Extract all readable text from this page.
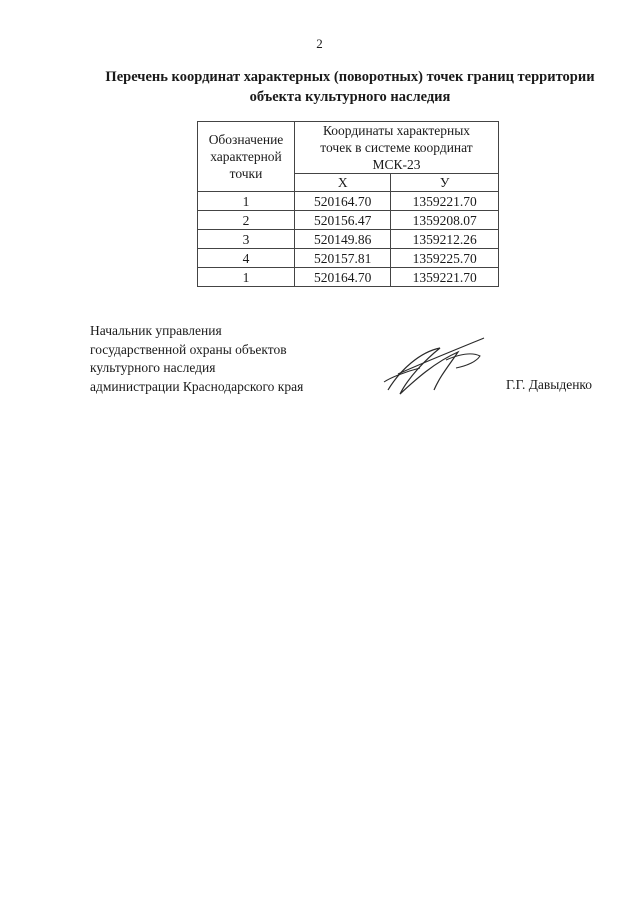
2
Перечень координат характерных (поворотных) точек границ территории
объекта культурного наследия
Обозначение
характерной
точки	Координаты характерных
точек в системе координат
МСК-23	

	X	У
1	520164.70	1359221.70
2	520156.47	1359208.07
3	520149.86	1359212.26
4	520157.81	1359225.70
1	520164.70	1359221.70
Начальник управления
государственной охраны объектов
культурного наследия
администрации Краснодарского края	Г.Г. Давыденко
